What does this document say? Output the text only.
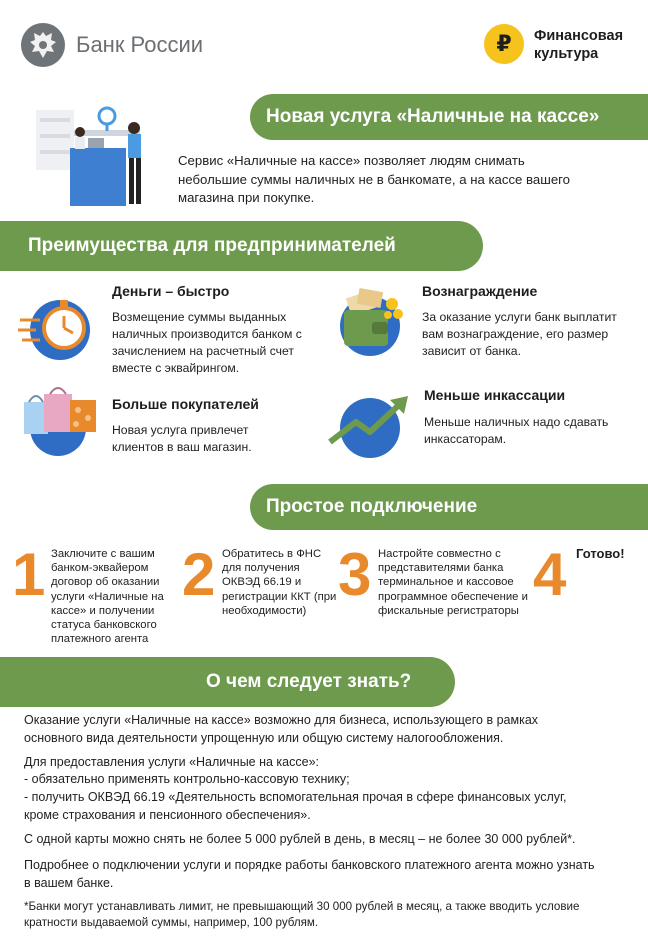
Банк России	₽ Финансовая
культура
Новая услуга «Наличные на кассе»
Сервис «Наличные на кассе» позволяет людям снимать небольшие суммы наличных не в банкомате, а на кассе вашего магазина при покупке.
Преимущества для предпринимателей
Деньги – быстро
Возмещение суммы выданных наличных производится банком с зачислением на расчетный счет вместе с эквайрингом.
Вознаграждение
За оказание услуги банк выплатит вам вознаграждение, его размер зависит от банка.
Больше покупателей
Новая услуга привлечет клиентов в ваш магазин.
Меньше инкассации
Меньше наличных надо сдавать инкассаторам.
Простое подключение
1 Заключите с вашим банком-эквайером договор об оказании услуги «Наличные на кассе» и получении статуса банковского платежного агента
2 Обратитесь в ФНС для получения ОКВЭД 66.19 и регистрации ККТ (при необходимости)
3 Настройте совместно с представителями банка терминальное и кассовое программное обеспечение и фискальные регистраторы
4 Готово!
О чем следует знать?
Оказание услуги «Наличные на кассе» возможно для бизнеса, использующего в рамках основного вида деятельности упрощенную или общую систему налогообложения.
Для предоставления услуги «Наличные на кассе»:
- обязательно применять контрольно-кассовую технику;
- получить ОКВЭД 66.19 «Деятельность вспомогательная прочая в сфере финансовых услуг, кроме страхования и пенсионного обеспечения».
С одной карты можно снять не более 5 000 рублей в день, в месяц – не более 30 000 рублей*.
Подробнее о подключении услуги и порядке работы банковского платежного агента можно узнать в вашем банке.
*Банки могут устанавливать лимит, не превышающий 30 000 рублей в месяц, а также вводить условие кратности выдаваемой суммы, например, 100 рублям.
